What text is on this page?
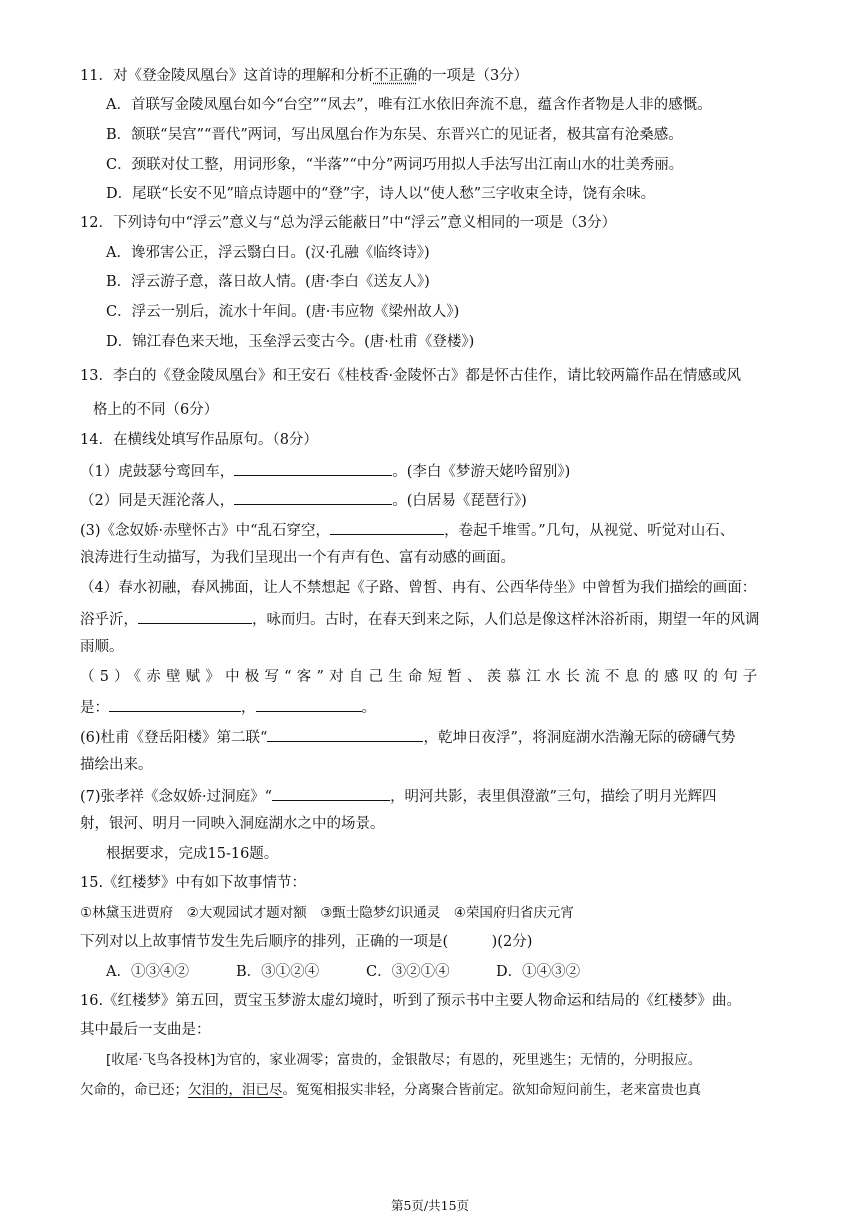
11．对《登金陵凤凰台》这首诗的理解和分析不正确的一项是（3分）
A．首联写金陵凤凰台如今“台空”“凤去”，唯有江水依旧奔流不息，蕴含作者物是人非的感慨。
B．颔联“吴宫”“晋代”两词，写出凤凰台作为东吴、东晋兴亡的见证者，极其富有沧桑感。
C．颈联对仗工整，用词形象，“半落”“中分”两词巧用拟人手法写出江南山水的壮美秀丽。
D．尾联“长安不见”暗点诗题中的“登”字，诗人以“使人愁”三字收束全诗，饶有余味。
12．下列诗句中“浮云”意义与“总为浮云能蔽日”中“浮云”意义相同的一项是（3分）
A．谗邪害公正，浮云翳白日。(汉·孔融《临终诗》)
B．浮云游子意，落日故人情。(唐·李白《送友人》)
C．浮云一别后，流水十年间。(唐·韦应物《梁州故人》)
D．锦江春色来天地，玉垒浮云变古今。(唐·杜甫《登楼》)
13．李白的《登金陵凤凰台》和王安石《桂枝香·金陵怀古》都是怀古佳作，请比较两篇作品在情感或风
格上的不同（6分）
14．在横线处填写作品原句。（8分）
（1）虎鼓瑟兮鸾回车，	。(李白《梦游天姥吟留别》)
（2）同是天涯沦落人，	。(白居易《琵琶行》)
(3)《念奴娇·赤壁怀古》中“乱石穿空，	，卷起千堆雪。”几句，从视觉、听觉对山石、
浪涛进行生动描写，为我们呈现出一个有声有色、富有动感的画面。
（4）春水初融，春风拂面，让人不禁想起《子路、曾皙、冉有、公西华侍坐》中曾皙为我们描绘的画面：
浴乎沂，	，咏而归。古时，在春天到来之际，人们总是像这样沐浴祈雨，期望一年的风调
雨顺。
（5）《赤壁赋》中极写“客”对自己生命短暂、羡慕江水长流不息的感叹的句子
是：	，	。
(6)杜甫《登岳阳楼》第二联“	，乾坤日夜浮”，将洞庭湖水浩瀚无际的磅礴气势
描绘出来。
(7)张孝祥《念奴娇·过洞庭》“	，明河共影，表里俱澄澈”三句，描绘了明月光辉四
射，银河、明月一同映入洞庭湖水之中的场景。
根据要求，完成15-16题。
15.《红楼梦》中有如下故事情节：
①林黛玉进贾府　②大观园试才题对额　③甄士隐梦幻识通灵　④荣国府归省庆元宵
下列对以上故事情节发生先后顺序的排列，正确的一项是(　　　)(2分)
A．①③④②	B．③①②④	C．③②①④	D．①④③②
16.《红楼梦》第五回，贾宝玉梦游太虚幻境时，听到了预示书中主要人物命运和结局的《红楼梦》曲。
其中最后一支曲是：
[收尾·飞鸟各投林]为官的，家业凋零；富贵的，金银散尽；有恩的，死里逃生；无情的，分明报应。
欠命的，命已还；欠泪的，泪已尽。冤冤相报实非轻，分离聚合皆前定。欲知命短问前生，老来富贵也真
第5页/共15页
